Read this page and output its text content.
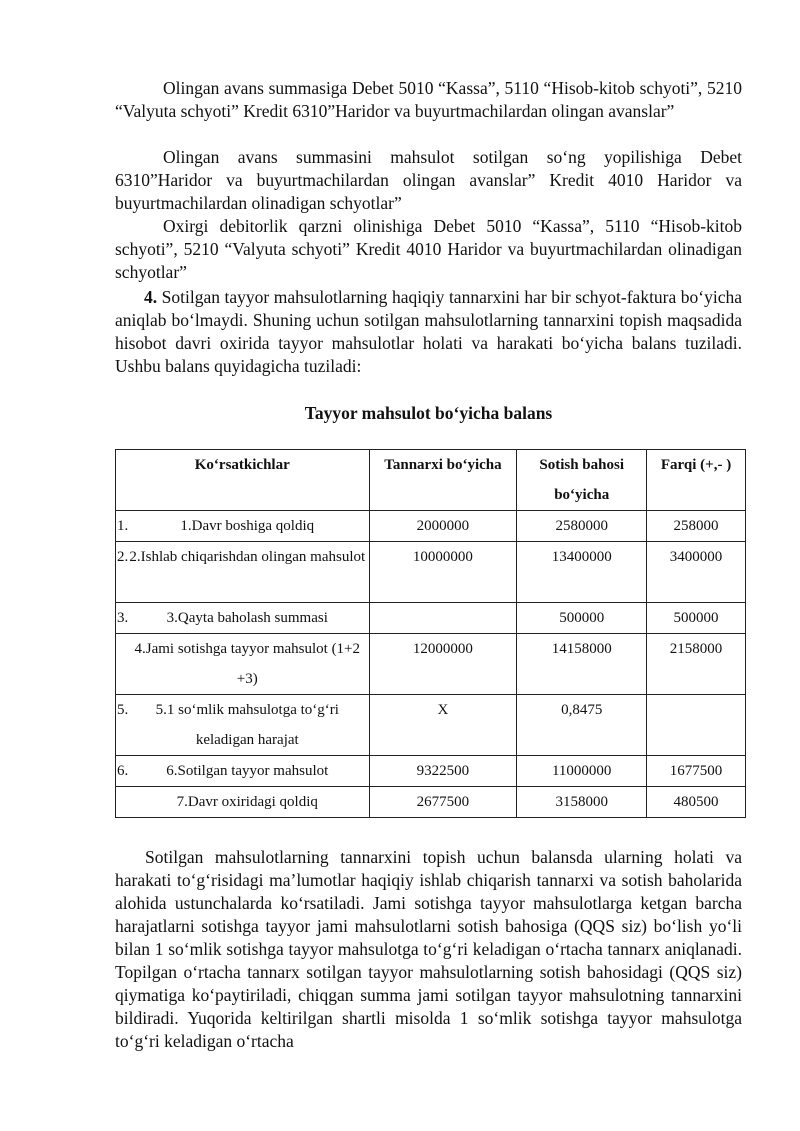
Olingan avans summasiga Debet 5010 “Kassa”, 5110 “Hisob-kitob schyoti”, 5210 “Valyuta schyoti” Kredit 6310”Haridor va buyurtmachilardan olingan avanslar”

Olingan avans summasini mahsulot sotilgan so‘ng yopilishiga Debet 6310”Haridor va buyurtmachilardan olingan avanslar” Kredit 4010 Haridor va buyurtmachilardan olinadigan schyotlar”

Oxirgi debitorlik qarzni olinishiga Debet 5010 “Kassa”, 5110 “Hisob-kitob schyoti”, 5210 “Valyuta schyoti” Kredit 4010 Haridor va buyurtmachilardan olinadigan schyotlar”

4. Sotilgan tayyor mahsulotlarning haqiqiy tannarxini har bir schyot-faktura bo‘yicha aniqlab bo‘lmaydi. Shuning uchun sotilgan mahsulotlarning tannarxini topish maqsadida hisobot davri oxirida tayyor mahsulotlar holati va harakati bo‘yicha balans tuziladi. Ushbu balans quyidagicha tuziladi:

Tayyor mahsulot bo‘yicha balans
Ko‘rsatkichlar	Tannarxi bo‘yicha	Sotish bahosi bo‘yicha	Farqi (+,- )

1. 1.Davr boshiga qoldiq	2000000	2580000	258000

2. 2.Ishlab chiqarishdan olingan mahsulot	10000000	13400000	3400000

3. 3.Qayta baholash summasi		500000	500000

4.Jami sotishga tayyor mahsulot (1+2 +3)	12000000	14158000	2158000

5. 5.1 so‘mlik mahsulotga to‘g‘ri keladigan harajat	X	0,8475	

6. 6.Sotilgan tayyor mahsulot	9322500	11000000	1677500

7.Davr oxiridagi qoldiq	2677500	3158000	480500

Sotilgan mahsulotlarning tannarxini topish uchun balansda ularning holati va harakati to‘g‘risidagi ma’lumotlar haqiqiy ishlab chiqarish tannarxi va sotish baholarida alohida ustunchalarda ko‘rsatiladi. Jami sotishga tayyor mahsulotlarga ketgan barcha harajatlarni sotishga tayyor jami mahsulotlarni sotish bahosiga (QQS siz) bo‘lish yo‘li bilan 1 so‘mlik sotishga tayyor mahsulotga to‘g‘ri keladigan o‘rtacha tannarx aniqlanadi. Topilgan o‘rtacha tannarx sotilgan tayyor mahsulotlarning sotish bahosidagi (QQS siz) qiymatiga ko‘paytiriladi, chiqgan summa jami sotilgan tayyor mahsulotning tannarxini bildiradi. Yuqorida keltirilgan shartli misolda 1 so‘mlik sotishga tayyor mahsulotga to‘g‘ri keladigan o‘rtacha
